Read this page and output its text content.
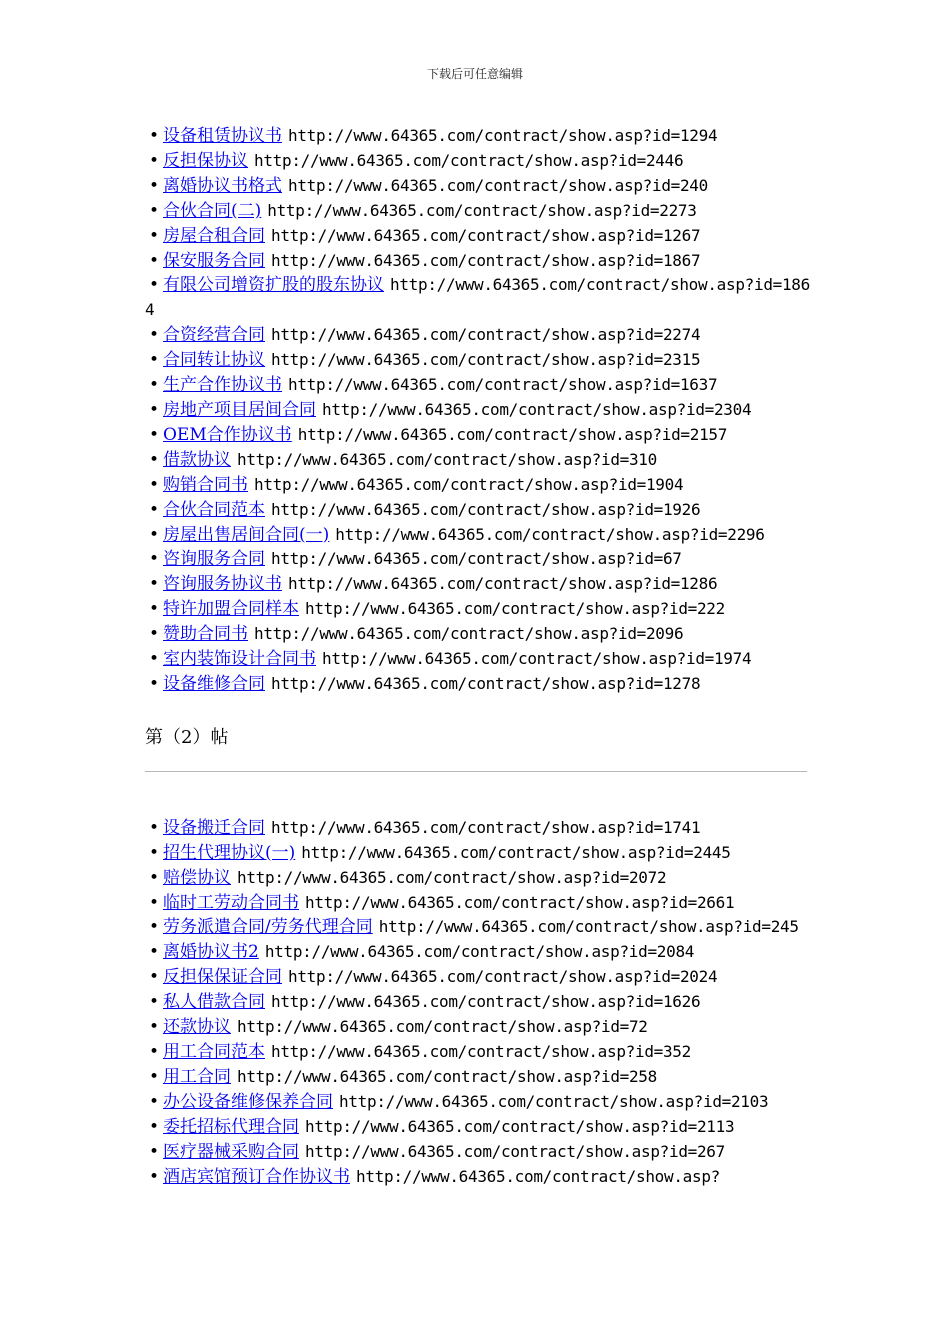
下载后可任意编辑
• 设备租赁协议书 http://www.64365.com/contract/show.asp?id=1294
• 反担保协议 http://www.64365.com/contract/show.asp?id=2446
• 离婚协议书格式 http://www.64365.com/contract/show.asp?id=240
• 合伙合同(二) http://www.64365.com/contract/show.asp?id=2273
• 房屋合租合同 http://www.64365.com/contract/show.asp?id=1267
• 保安服务合同 http://www.64365.com/contract/show.asp?id=1867
• 有限公司增资扩股的股东协议 http://www.64365.com/contract/show.asp?id=1864
• 合资经营合同 http://www.64365.com/contract/show.asp?id=2274
• 合同转让协议 http://www.64365.com/contract/show.asp?id=2315
• 生产合作协议书 http://www.64365.com/contract/show.asp?id=1637
• 房地产项目居间合同 http://www.64365.com/contract/show.asp?id=2304
• OEM合作协议书 http://www.64365.com/contract/show.asp?id=2157
• 借款协议 http://www.64365.com/contract/show.asp?id=310
• 购销合同书 http://www.64365.com/contract/show.asp?id=1904
• 合伙合同范本 http://www.64365.com/contract/show.asp?id=1926
• 房屋出售居间合同(一) http://www.64365.com/contract/show.asp?id=2296
• 咨询服务合同 http://www.64365.com/contract/show.asp?id=67
• 咨询服务协议书 http://www.64365.com/contract/show.asp?id=1286
• 特许加盟合同样本 http://www.64365.com/contract/show.asp?id=222
• 赞助合同书 http://www.64365.com/contract/show.asp?id=2096
• 室内装饰设计合同书 http://www.64365.com/contract/show.asp?id=1974
• 设备维修合同 http://www.64365.com/contract/show.asp?id=1278
第（2）帖
• 设备搬迁合同 http://www.64365.com/contract/show.asp?id=1741
• 招生代理协议(一) http://www.64365.com/contract/show.asp?id=2445
• 赔偿协议 http://www.64365.com/contract/show.asp?id=2072
• 临时工劳动合同书 http://www.64365.com/contract/show.asp?id=2661
• 劳务派遣合同/劳务代理合同 http://www.64365.com/contract/show.asp?id=245
• 离婚协议书2 http://www.64365.com/contract/show.asp?id=2084
• 反担保保证合同 http://www.64365.com/contract/show.asp?id=2024
• 私人借款合同 http://www.64365.com/contract/show.asp?id=1626
• 还款协议 http://www.64365.com/contract/show.asp?id=72
• 用工合同范本 http://www.64365.com/contract/show.asp?id=352
• 用工合同 http://www.64365.com/contract/show.asp?id=258
• 办公设备维修保养合同 http://www.64365.com/contract/show.asp?id=2103
• 委托招标代理合同 http://www.64365.com/contract/show.asp?id=2113
• 医疗器械采购合同 http://www.64365.com/contract/show.asp?id=267
• 酒店宾馆预订合作协议书 http://www.64365.com/contract/show.asp?
